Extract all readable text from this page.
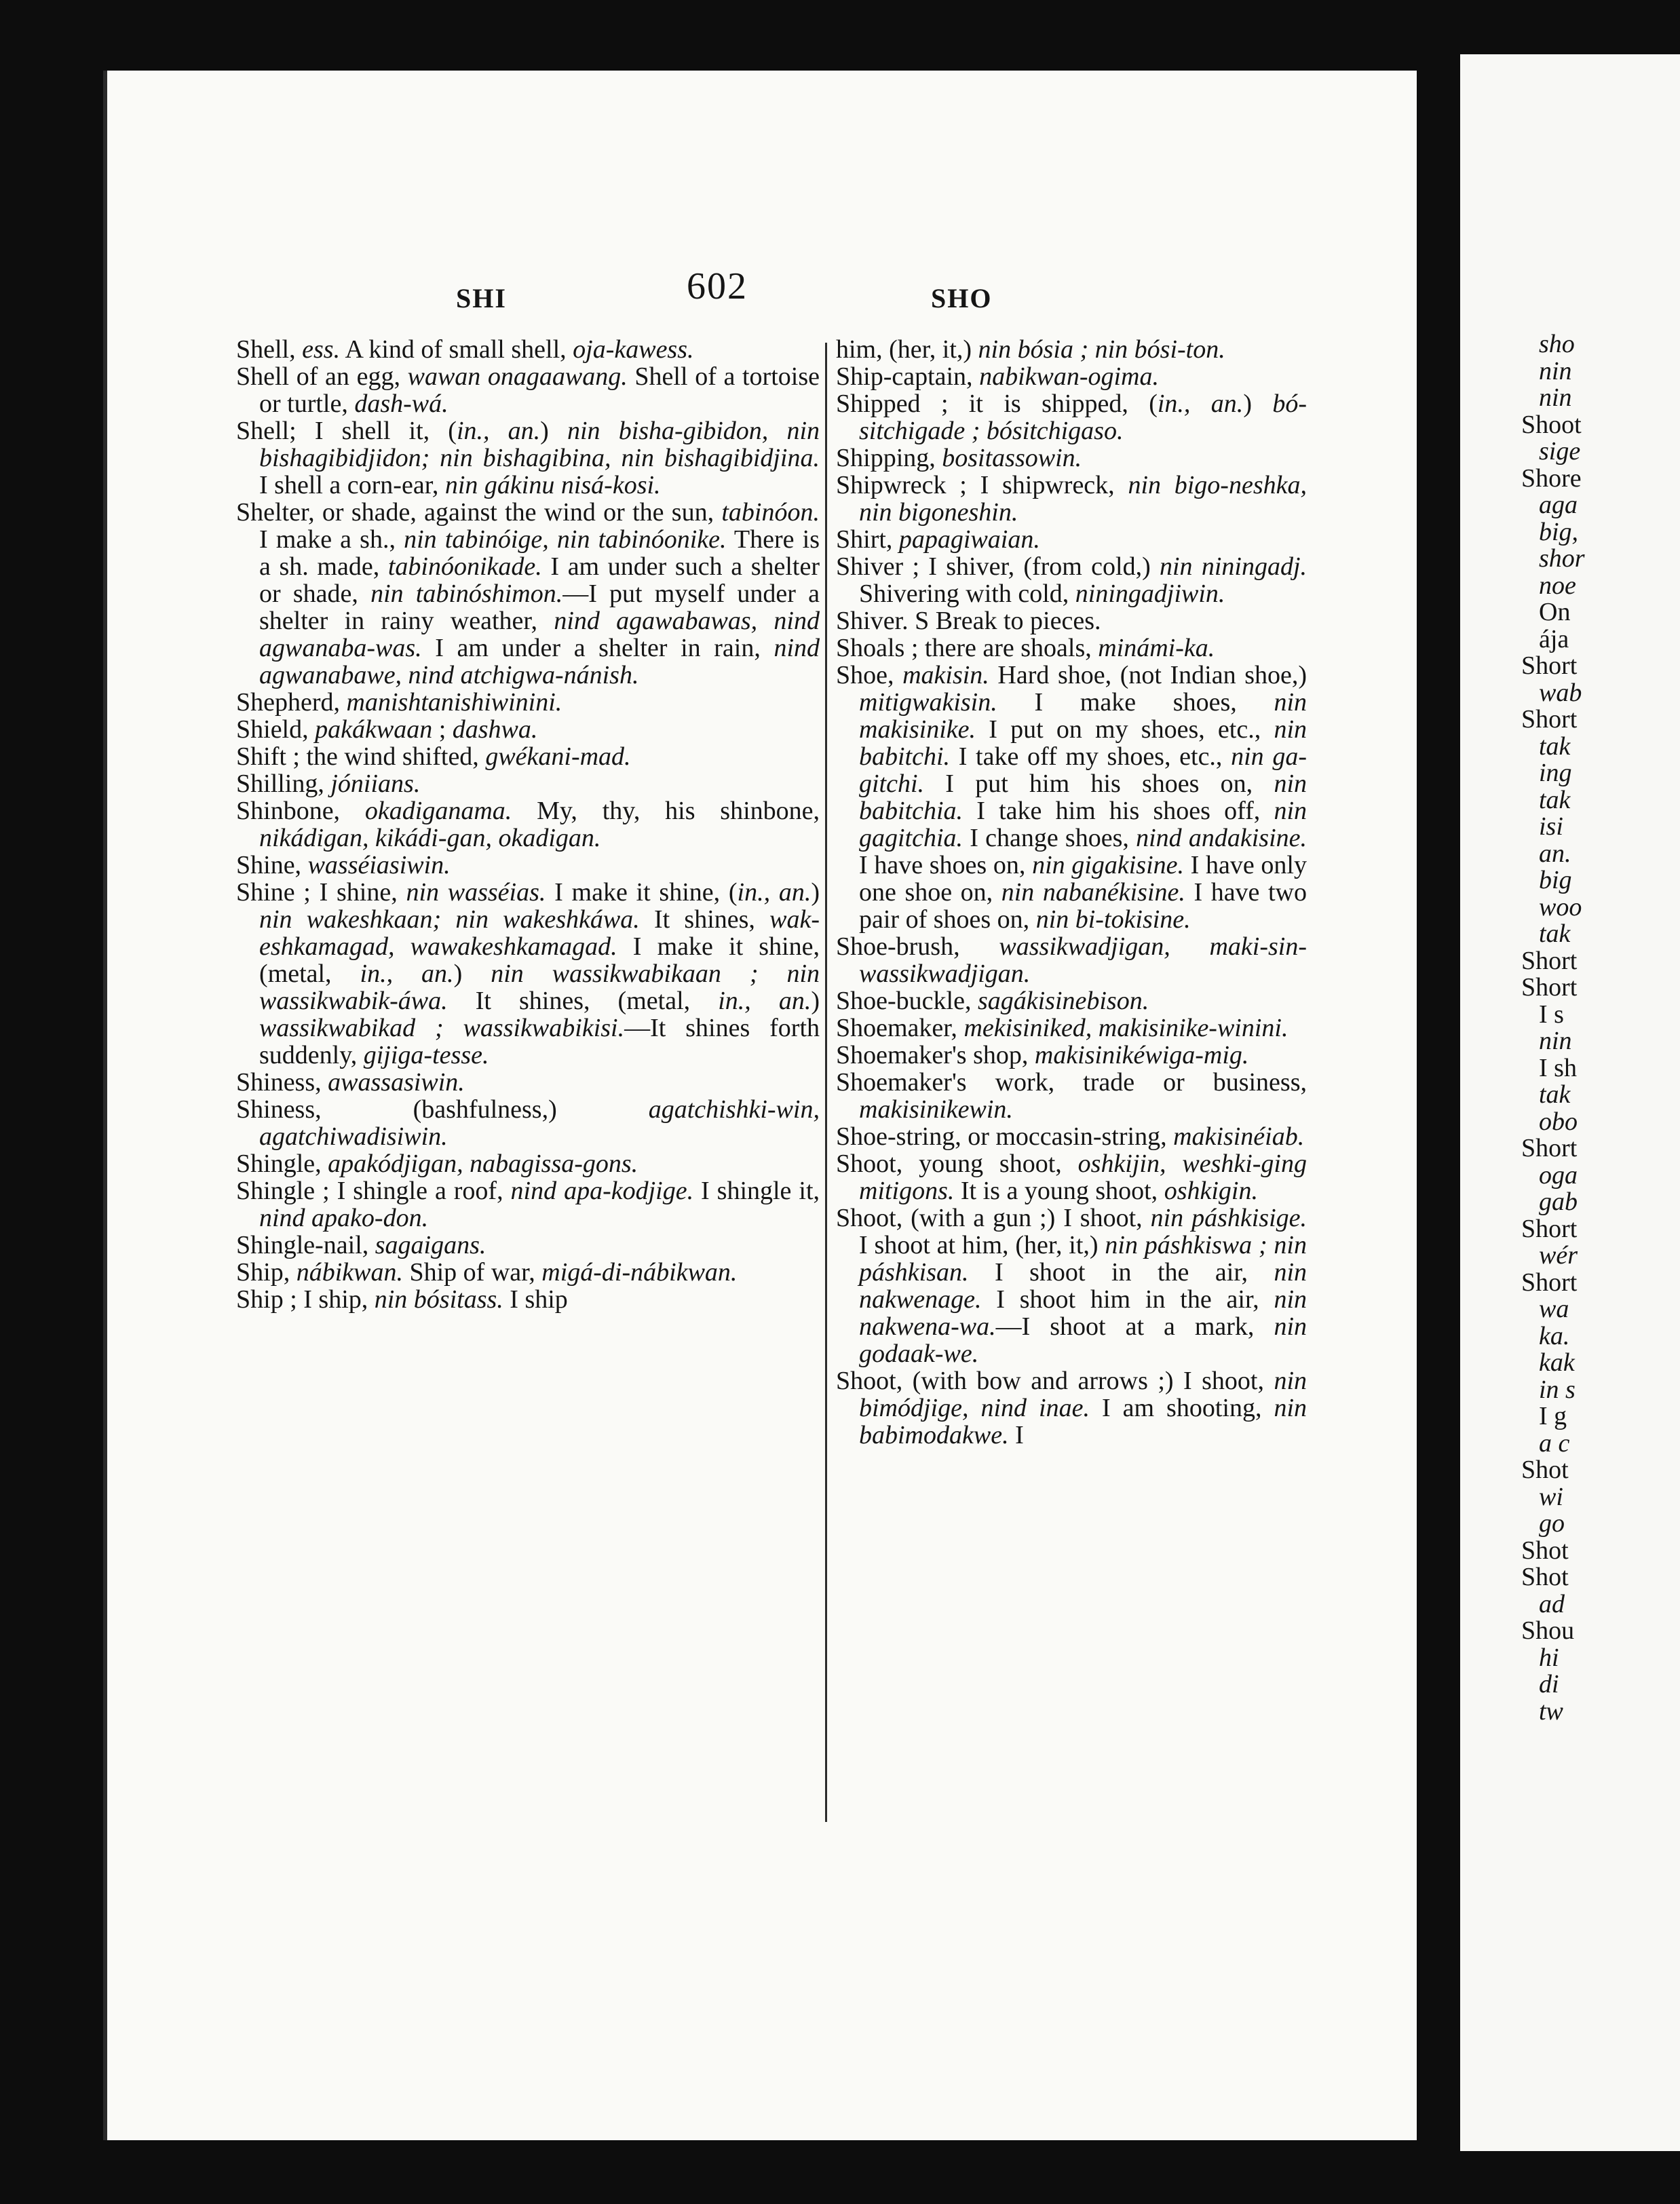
SHI	602	SHO
Shell, ess. A kind of small shell, oja-kawess.
Shell of an egg, wawan onagaawang. Shell of a tortoise or turtle, dash-wá.
Shell; I shell it, (in., an.) nin bisha-gibidon, nin bishagibidjidon; nin bishagibina, nin bishagibidjina. I shell a corn-ear, nin gákinu nisá-kosi.
Shelter, or shade, against the wind or the sun, tabinóon. I make a sh., nin tabinóige, nin tabinóonike. There is a sh. made, tabinóonikade. I am under such a shelter or shade, nin tabinóshimon.—I put myself under a shelter in rainy weather, nind agawabawas, nind agwanaba-was. I am under a shelter in rain, nind agwanabawe, nind atchigwa-nánish.
Shepherd, manishtanishiwinini.
Shield, pakákwaan ; dashwa.
Shift ; the wind shifted, gwékani-mad.
Shilling, jóniians.
Shinbone, okadiganama. My, thy, his shinbone, nikádigan, kikádi-gan, okadigan.
Shine, wasséiasiwin.
Shine ; I shine, nin wasséias. I make it shine, (in., an.) nin wakeshkaan; nin wakeshkáwa. It shines, wak-eshkamagad, wawakeshkamagad. I make it shine, (metal, in., an.) nin wassikwabikaan ; nin wassikwabik-áwa. It shines, (metal, in., an.) wassikwabikad ; wassikwabikisi.—It shines forth suddenly, gijiga-tesse.
Shiness, awassasiwin.
Shiness, (bashfulness,) agatchishki-win, agatchiwadisiwin.
Shingle, apakódjigan, nabagissa-gons.
Shingle ; I shingle a roof, nind apa-kodjige. I shingle it, nind apako-don.
Shingle-nail, sagaigans.
Ship, nábikwan. Ship of war, migá-di-nábikwan.
Ship ; I ship, nin bósitass. I ship
him, (her, it,) nin bósia ; nin bósi-ton.
Ship-captain, nabikwan-ogima.
Shipped ; it is shipped, (in., an.) bó-sitchigade ; bósitchigaso.
Shipping, bositassowin.
Shipwreck ; I shipwreck, nin bigo-neshka, nin bigoneshin.
Shirt, papagiwaian.
Shiver ; I shiver, (from cold,) nin niningadj. Shivering with cold, niningadjiwin.
Shiver. S Break to pieces.
Shoals ; there are shoals, minámi-ka.
Shoe, makisin. Hard shoe, (not Indian shoe,) mitigwakisin. I make shoes, nin makisinike. I put on my shoes, etc., nin babitchi. I take off my shoes, etc., nin ga-gitchi. I put him his shoes on, nin babitchia. I take him his shoes off, nin gagitchia. I change shoes, nind andakisine. I have shoes on, nin gigakisine. I have only one shoe on, nin nabanékisine. I have two pair of shoes on, nin bi-tokisine.
Shoe-brush, wassikwadjigan, maki-sin-wassikwadjigan.
Shoe-buckle, sagákisinebison.
Shoemaker, mekisiniked, makisinike-winini.
Shoemaker's shop, makisinikéwiga-mig.
Shoemaker's work, trade or business, makisinikewin.
Shoe-string, or moccasin-string, makisinéiab.
Shoot, young shoot, oshkijin, weshki-ging mitigons. It is a young shoot, oshkigin.
Shoot, (with a gun ;) I shoot, nin páshkisige. I shoot at him, (her, it,) nin páshkiswa ; nin páshkisan. I shoot in the air, nin nakwenage. I shoot him in the air, nin nakwena-wa.—I shoot at a mark, nin godaak-we.
Shoot, (with bow and arrows ;) I shoot, nin bimódjige, nind inae. I am shooting, nin babimodakwe. I
sho
nin
nin
Shoot
sige
Shore
aga
big,
shor
noe
On
ája
Short
wab
Short
tak
ing
tak
isi
an.
big
woo
tak
Short
Short
I s
nin
I sh
tak
obo
Short
oga
gab
Short
wér
Short
wa
ka.
kak
in s
I g
a c
Shot
wi
go
Shot
Shot
ad
Shou
hi
di
tw
